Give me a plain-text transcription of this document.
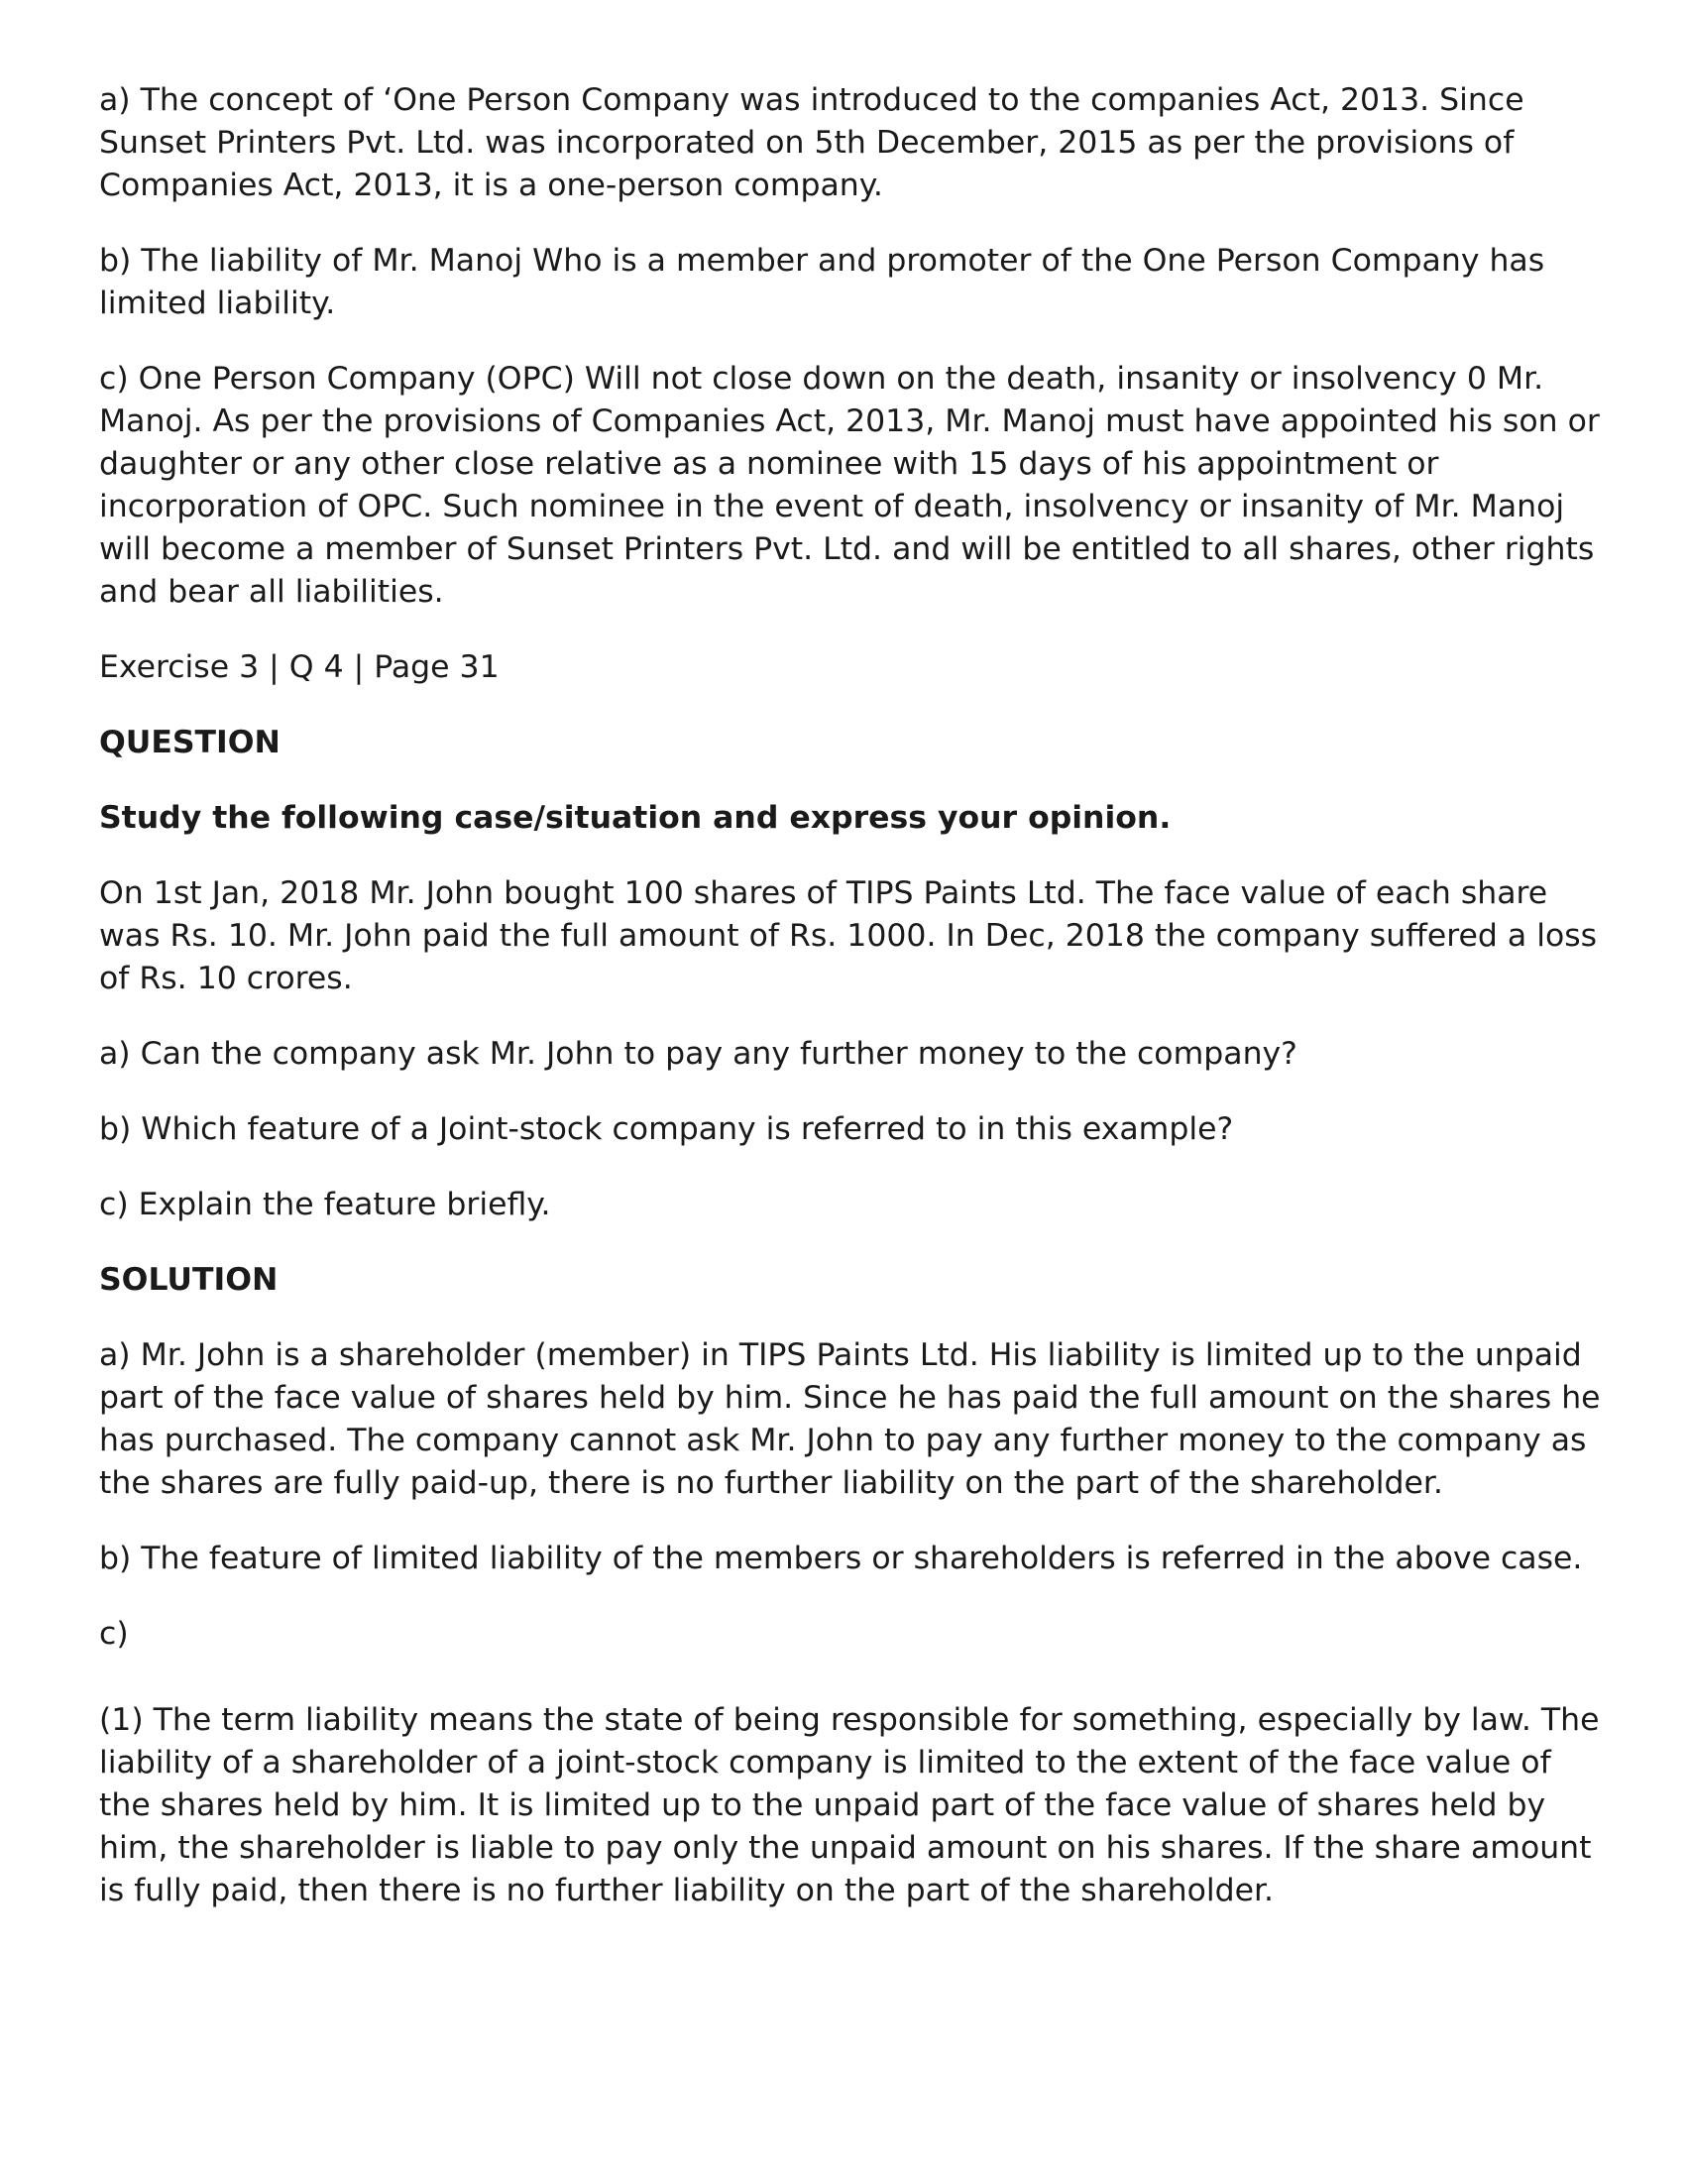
a) The concept of ‘One Person Company was introduced to the companies Act, 2013. Since Sunset Printers Pvt. Ltd. was incorporated on 5th December, 2015 as per the provisions of Companies Act, 2013, it is a one-person company.

b) The liability of Mr. Manoj Who is a member and promoter of the One Person Company has limited liability.

c) One Person Company (OPC) Will not close down on the death, insanity or insolvency 0 Mr. Manoj. As per the provisions of Companies Act, 2013, Mr. Manoj must have appointed his son or daughter or any other close relative as a nominee with 15 days of his appointment or incorporation of OPC. Such nominee in the event of death, insolvency or insanity of Mr. Manoj will become a member of Sunset Printers Pvt. Ltd. and will be entitled to all shares, other rights and bear all liabilities.

Exercise 3 | Q 4 | Page 31

QUESTION

Study the following case/situation and express your opinion.

On 1st Jan, 2018 Mr. John bought 100 shares of TIPS Paints Ltd. The face value of each share was Rs. 10. Mr. John paid the full amount of Rs. 1000. In Dec, 2018 the company suffered a loss of Rs. 10 crores.

a) Can the company ask Mr. John to pay any further money to the company?

b) Which feature of a Joint-stock company is referred to in this example?

c) Explain the feature briefly.

SOLUTION

a) Mr. John is a shareholder (member) in TIPS Paints Ltd. His liability is limited up to the unpaid part of the face value of shares held by him. Since he has paid the full amount on the shares he has purchased. The company cannot ask Mr. John to pay any further money to the company as the shares are fully paid-up, there is no further liability on the part of the shareholder.

b) The feature of limited liability of the members or shareholders is referred in the above case.

c)

(1) The term liability means the state of being responsible for something, especially by law. The liability of a shareholder of a joint-stock company is limited to the extent of the face value of the shares held by him. It is limited up to the unpaid part of the face value of shares held by him, the shareholder is liable to pay only the unpaid amount on his shares. If the share amount is fully paid, then there is no further liability on the part of the shareholder.
